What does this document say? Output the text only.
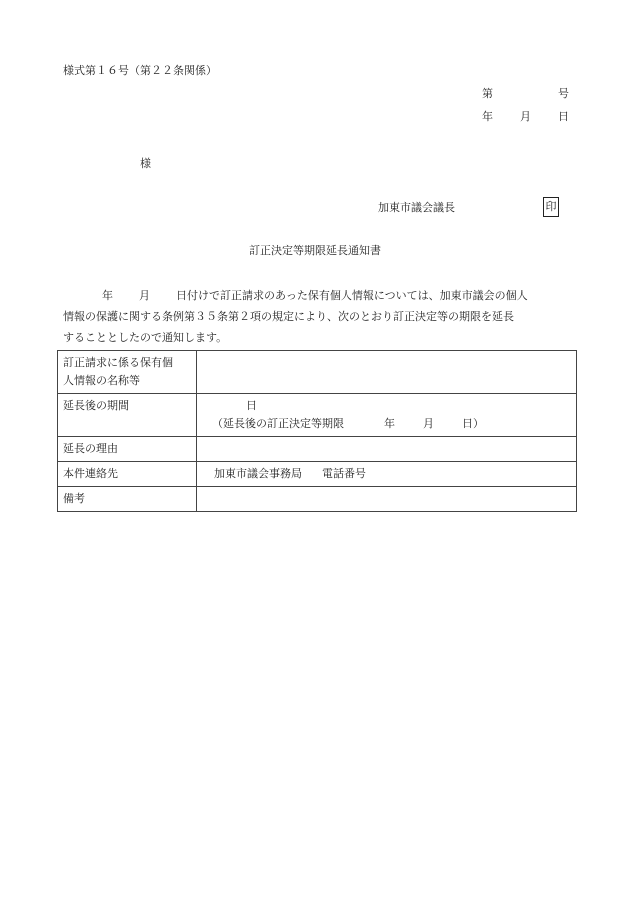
様式第１６号（第２２条関係）
第	号
年 月 日
様
加東市議会議長	印
訂正決定等期限延長通知書
年 月 日付けで訂正請求のあった保有個人情報については、加東市議会の個人
情報の保護に関する条例第３５条第２項の規定により、次のとおり訂正決定等の期限を延長
することとしたので通知します。
訂正請求に係る保有個
人情報の名称等	

延長後の期間	日
（延長後の訂正決定等期限 年 月 日）

延長の理由	
本件連絡先	加東市議会事務局 電話番号
備考	
